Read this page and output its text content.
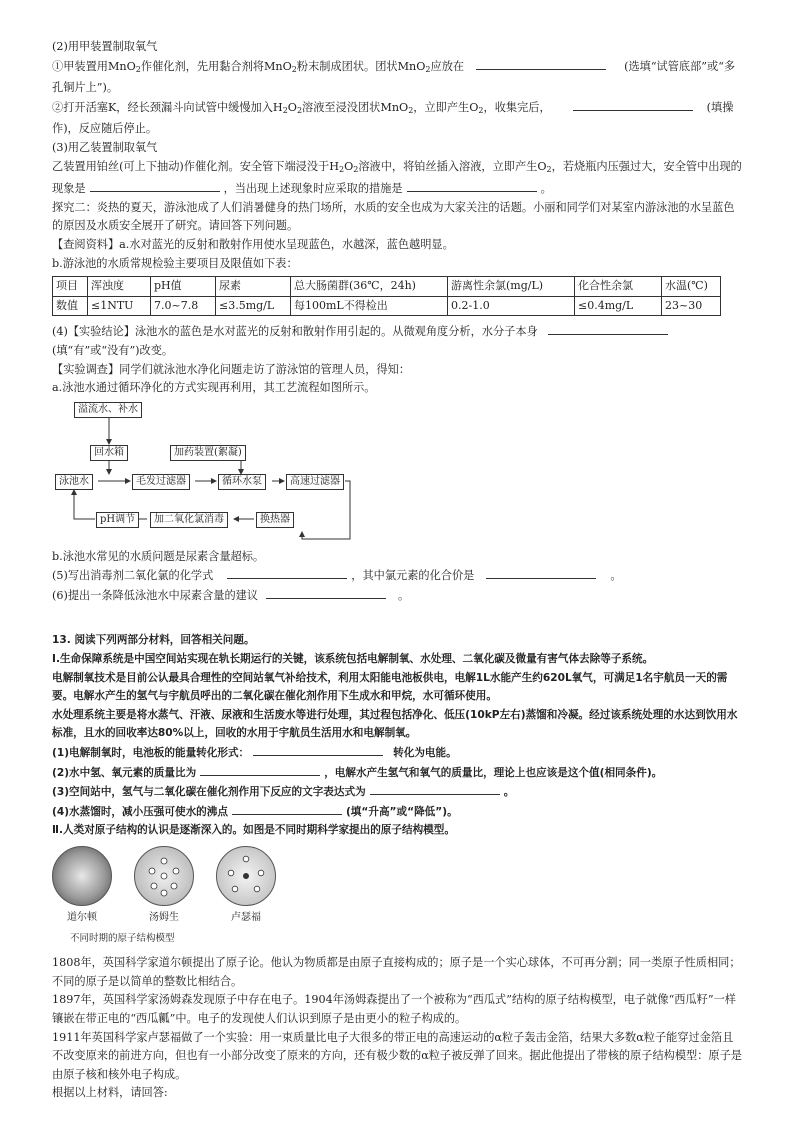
(2)用甲装置制取氧气

①甲装置用MnO$_2$作催化剂，先用黏合剂将MnO$_2$粉末制成团状。团状MnO$_2$应放在	(选填“试管底部”或“多孔铜片上”)。

②打开活塞K，经长颈漏斗向试管中缓慢加入$H_2O_2$溶液至浸没团状MnO$_2$，立即产生$O_2$，收集完后，	(填操作)，反应随后停止。

(3)用乙装置制取氧气

乙装置用铂丝(可上下抽动)作催化剂。安全管下端浸没于$H_2O_2$溶液中，将铂丝插入溶液，立即产生$O_2$，若烧瓶内压强过大，安全管中出现的现象是	，当出现上述现象时应采取的措施是	。

探究二：炎热的夏天，游泳池成了人们消暑健身的热门场所，水质的安全也成为大家关注的话题。小丽和同学们对某室内游泳池的水呈蓝色的原因及水质安全展开了研究。请回答下列问题。

【查阅资料】a.水对蓝光的反射和散射作用使水呈现蓝色，水越深，蓝色越明显。

b.游泳池的水质常规检验主要项目及限值如下表：

项目	浑浊度	pH值	尿素	总大肠菌群(36℃，24h)	游离性余氯(mg/L)	化合性余氯	水温(℃)
数值	≤1NTU	7.0~7.8	≤3.5mg/L	每100mL不得检出	0.2-1.0	≤0.4mg/L	23~30

(4)【实验结论】泳池水的蓝色是水对蓝光的反射和散射作用引起的。从微观角度分析，水分子本身(填“有”或“没有”)改变。

【实验调查】同学们就泳池水净化问题走访了游泳馆的管理人员，得知：

a.泳池水通过循环净化的方式实现再利用，其工艺流程如图所示。

溢流水、补水
回水箱	加药装置(絮凝)
泳池水	毛发过滤器	循环水泵	高速过滤器
pH调节	加二氧化氯消毒	换热器

b.泳池水常见的水质问题是尿素含量超标。

(5)写出消毒剂二氧化氯的化学式	，其中氯元素的化合价是	。

(6)提出一条降低泳池水中尿素含量的建议	。

13. 阅读下列两部分材料，回答相关问题。

Ⅰ.生命保障系统是中国空间站实现在轨长期运行的关键，该系统包括电解制氧、水处理、二氧化碳及微量有害气体去除等子系统。

电解制氧技术是目前公认最具合理性的空间站氧气补给技术，利用太阳能电池板供电，电解1L水能产生约620L氧气，可满足1名宇航员一天的需要。电解水产生的氢气与宇航员呼出的二氧化碳在催化剂作用下生成水和甲烷，水可循环使用。

水处理系统主要是将水蒸气、汗液、尿液和生活废水等进行处理，其过程包括净化、低压(10kP左右)蒸馏和冷凝。经过该系统处理的水达到饮用水标准，且水的回收率达80%以上，回收的水用于宇航员生活用水和电解制氧。

(1)电解制氧时，电池板的能量转化形式：	转化为电能。

(2)水中氢、氧元素的质量比为	，电解水产生氢气和氧气的质量比，理论上也应该是这个值(相同条件)。

(3)空间站中，氢气与二氧化碳在催化剂作用下反应的文字表达式为	。

(4)水蒸馏时，减小压强可使水的沸点	(填“升高”或“降低”)。

Ⅱ.人类对原子结构的认识是逐渐深入的。如图是不同时期科学家提出的原子结构模型。

道尔顿	汤姆生	卢瑟福
不同时期的原子结构模型

1808年，英国科学家道尔顿提出了原子论。他认为物质都是由原子直接构成的；原子是一个实心球体，不可再分割；同一类原子性质相同；不同的原子是以简单的整数比相结合。

1897年，英国科学家汤姆森发现原子中存在电子。1904年汤姆森提出了一个被称为“西瓜式”结构的原子结构模型，电子就像“西瓜籽”一样镶嵌在带正电的“西瓜瓤”中。电子的发现使人们认识到原子是由更小的粒子构成的。

1911年英国科学家卢瑟福做了一个实验：用一束质量比电子大很多的带正电的高速运动的α粒子轰击金箔，结果大多数α粒子能穿过金箔且不改变原来的前进方向，但也有一小部分改变了原来的方向，还有极少数的α粒子被反弹了回来。据此他提出了带核的原子结构模型：原子是由原子核和核外电子构成。

根据以上材料，请回答:
